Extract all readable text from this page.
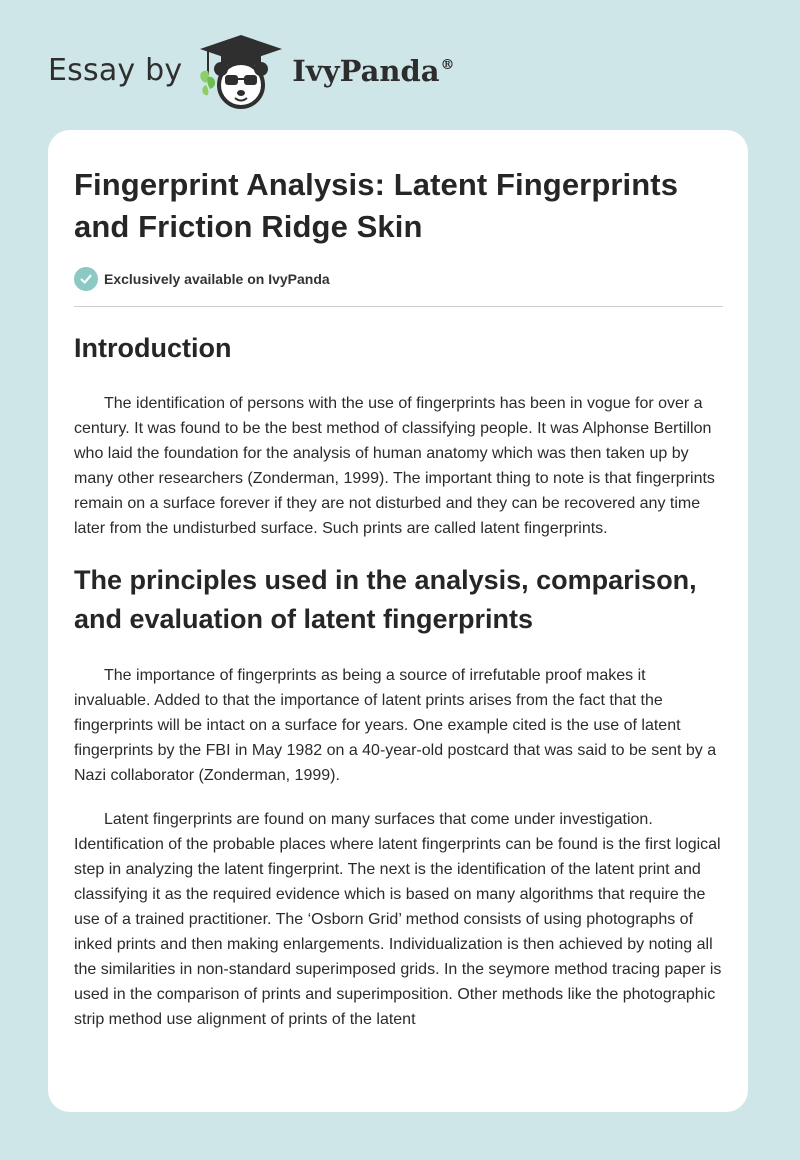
Essay by	IvyPanda®
Fingerprint Analysis: Latent Fingerprints and Friction Ridge Skin
Exclusively available on IvyPanda
Introduction

The identification of persons with the use of fingerprints has been in vogue for over a century. It was found to be the best method of classifying people. It was Alphonse Bertillon who laid the foundation for the analysis of human anatomy which was then taken up by many other researchers (Zonderman, 1999). The important thing to note is that fingerprints remain on a surface forever if they are not disturbed and they can be recovered any time later from the undisturbed surface. Such prints are called latent fingerprints.

The principles used in the analysis, comparison, and evaluation of latent fingerprints

The importance of fingerprints as being a source of irrefutable proof makes it invaluable. Added to that the importance of latent prints arises from the fact that the fingerprints will be intact on a surface for years. One example cited is the use of latent fingerprints by the FBI in May 1982 on a 40-year-old postcard that was said to be sent by a Nazi collaborator (Zonderman, 1999).

Latent fingerprints are found on many surfaces that come under investigation. Identification of the probable places where latent fingerprints can be found is the first logical step in analyzing the latent fingerprint. The next is the identification of the latent print and classifying it as the required evidence which is based on many algorithms that require the use of a trained practitioner. The ‘Osborn Grid’ method consists of using photographs of inked prints and then making enlargements. Individualization is then achieved by noting all the similarities in non-standard superimposed grids. In the seymore method tracing paper is used in the comparison of prints and superimposition. Other methods like the photographic strip method use alignment of prints of the latent
